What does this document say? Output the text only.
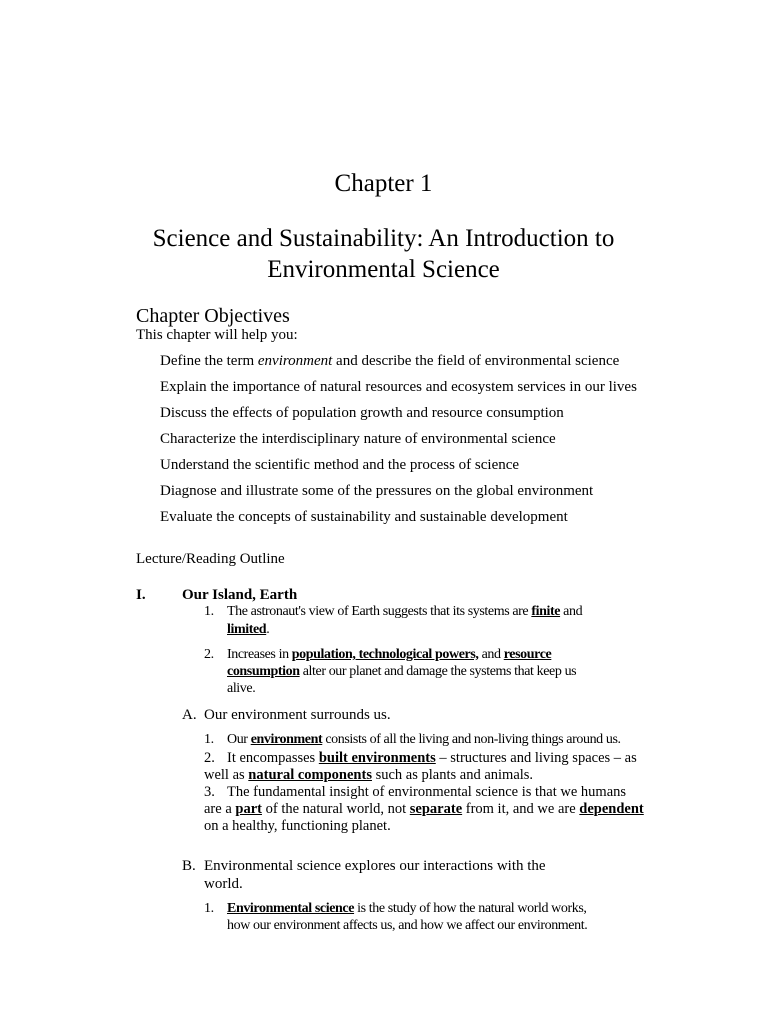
Chapter 1
Science and Sustainability: An Introduction to
Environmental Science
Chapter Objectives
This chapter will help you:
Define the term environment and describe the field of environmental science
Explain the importance of natural resources and ecosystem services in our lives
Discuss the effects of population growth and resource consumption
Characterize the interdisciplinary nature of environmental science
Understand the scientific method and the process of science
Diagnose and illustrate some of the pressures on the global environment
Evaluate the concepts of sustainability and sustainable development
Lecture/Reading Outline
I. Our Island, Earth
1. The astronaut's view of Earth suggests that its systems are finite and
limited.
2. Increases in population, technological powers, and resource
consumption alter our planet and damage the systems that keep us
alive.
A. Our environment surrounds us.
1. Our environment consists of all the living and non-living things around us.
2. It encompasses built environments – structures and living spaces – as
well as natural components such as plants and animals.
3. The fundamental insight of environmental science is that we humans
are a part of the natural world, not separate from it, and we are dependent
on a healthy, functioning planet.
B. Environmental science explores our interactions with the
world.
1. Environmental science is the study of how the natural world works,
how our environment affects us, and how we affect our environment.
